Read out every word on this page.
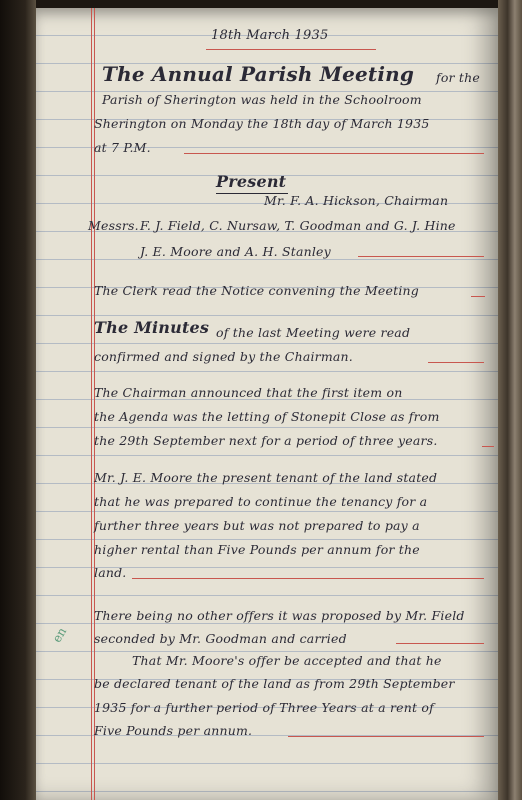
18th March 1935
The Annual Parish Meeting for the
Parish of Sherington was held in the Schoolroom
Sherington on Monday the 18th day of March 1935
at 7 P.M.
Present
Mr. F. A. Hickson, Chairman
Messrs. F. J. Field, C. Nursaw, T. Goodman and G. J. Hine
J. E. Moore and A. H. Stanley
The Clerk read the Notice convening the Meeting
The Minutes of the last Meeting were read
confirmed and signed by the Chairman.
The Chairman announced that the first item on
the Agenda was the letting of Stonepit Close as from
the 29th September next for a period of three years.
Mr. J. E. Moore the present tenant of the land stated
that he was prepared to continue the tenancy for a
further three years but was not prepared to pay a
higher rental than Five Pounds per annum for the
land.
en
There being no other offers it was proposed by Mr. Field
seconded by Mr. Goodman and carried
That Mr. Moore's offer be accepted and that he
be declared tenant of the land as from 29th September
1935 for a further period of Three Years at a rent of
Five Pounds per annum.
